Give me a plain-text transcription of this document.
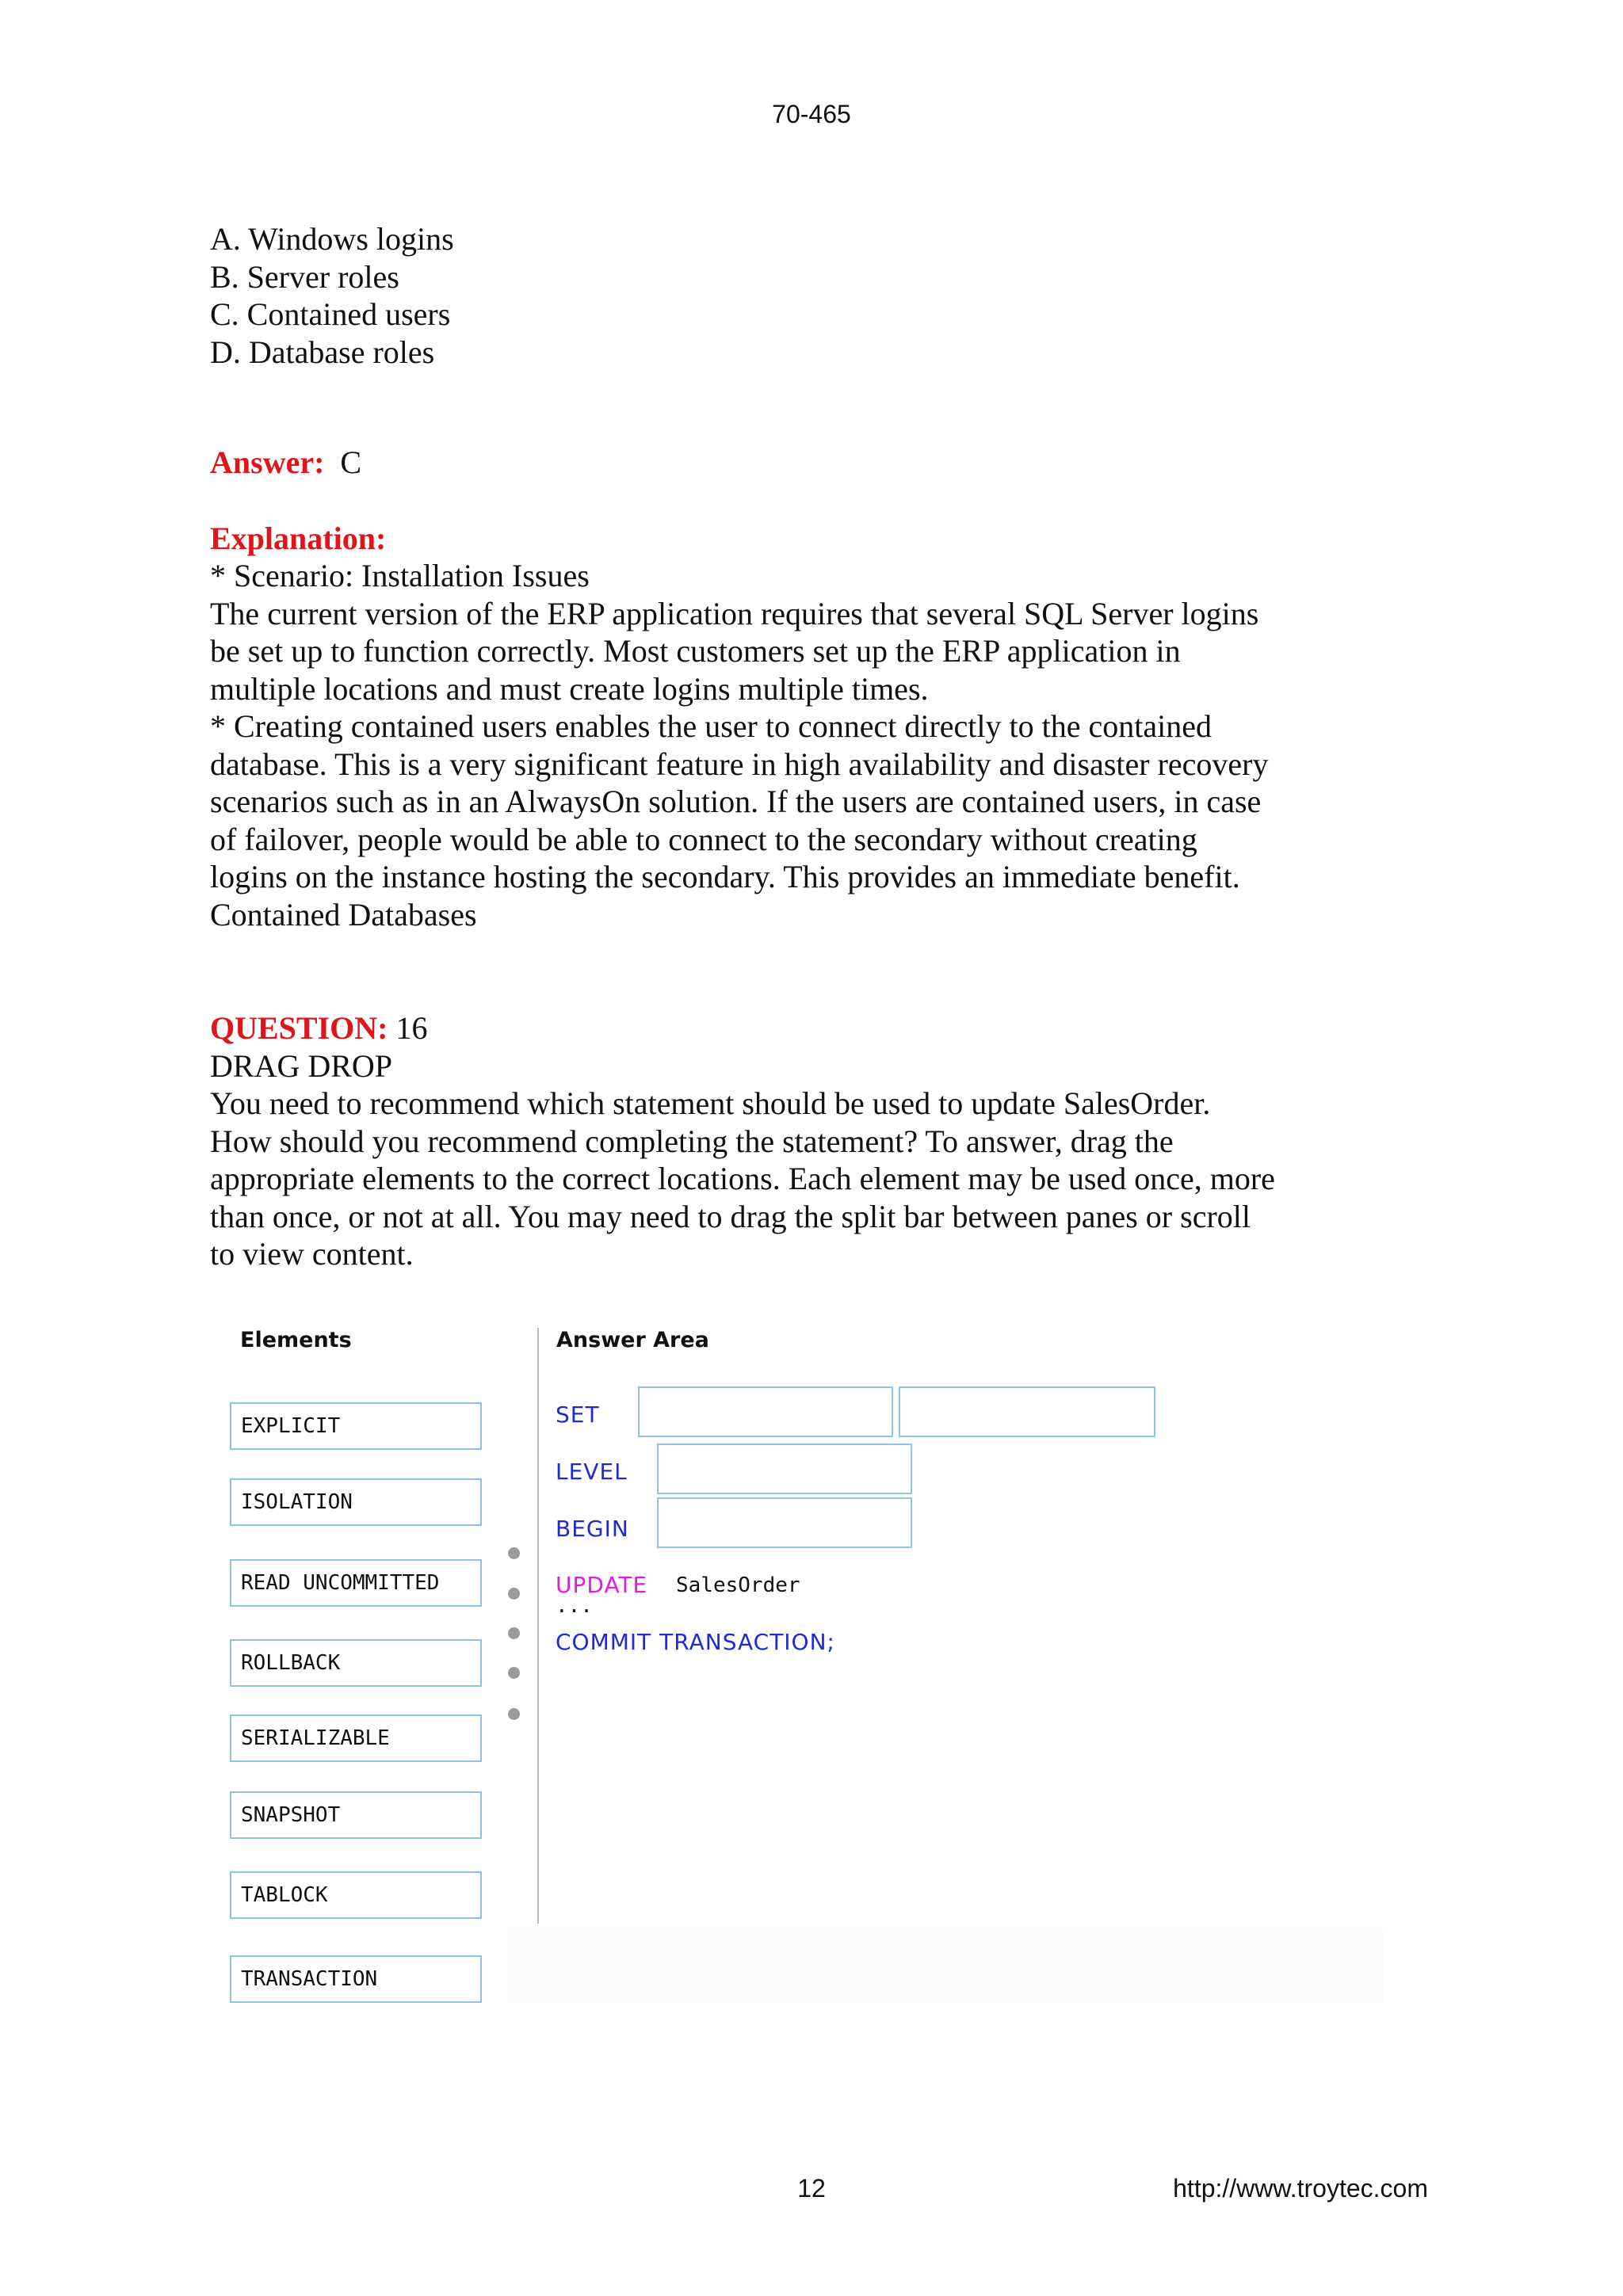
70-465
A. Windows logins
B. Server roles
C. Contained users
D. Database roles
Answer: C
Explanation:
* Scenario: Installation Issues
The current version of the ERP application requires that several SQL Server logins
be set up to function correctly. Most customers set up the ERP application in
multiple locations and must create logins multiple times.
* Creating contained users enables the user to connect directly to the contained
database. This is a very significant feature in high availability and disaster recovery
scenarios such as in an AlwaysOn solution. If the users are contained users, in case
of failover, people would be able to connect to the secondary without creating
logins on the instance hosting the secondary. This provides an immediate benefit.
Contained Databases
QUESTION: 16
DRAG DROP
You need to recommend which statement should be used to update SalesOrder.
How should you recommend completing the statement? To answer, drag the
appropriate elements to the correct locations. Each element may be used once, more
than once, or not at all. You may need to drag the split bar between panes or scroll
to view content.
Elements	Answer Area
EXPLICIT
ISOLATION
READ UNCOMMITTED
ROLLBACK
SERIALIZABLE
SNAPSHOT
TABLOCK
TRANSACTION
SET
LEVEL
BEGIN
UPDATE SalesOrder
...
COMMIT TRANSACTION;
12	http://www.troytec.com
